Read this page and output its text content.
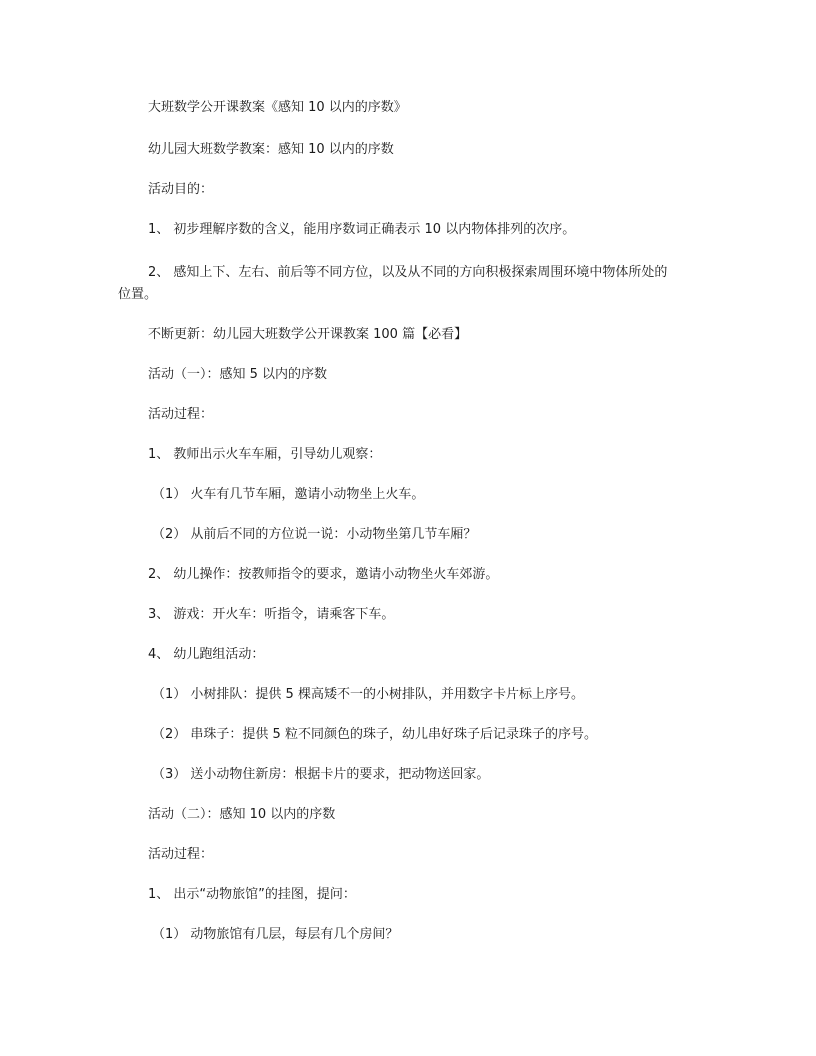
大班数学公开课教案《感知 10 以内的序数》
幼儿园大班数学教案：感知 10 以内的序数
活动目的：
1、 初步理解序数的含义，能用序数词正确表示 10 以内物体排列的次序。
2、 感知上下、左右、前后等不同方位，以及从不同的方向积极探索周围环境中物体所处的位置。
不断更新：幼儿园大班数学公开课教案 100 篇【必看】
活动（一）：感知 5 以内的序数
活动过程：
1、 教师出示火车车厢，引导幼儿观察：
（1） 火车有几节车厢，邀请小动物坐上火车。
（2） 从前后不同的方位说一说：小动物坐第几节车厢？
2、 幼儿操作：按教师指令的要求，邀请小动物坐火车郊游。
3、 游戏：开火车：听指令，请乘客下车。
4、 幼儿跑组活动：
（1） 小树排队：提供 5 棵高矮不一的小树排队，并用数字卡片标上序号。
（2） 串珠子：提供 5 粒不同颜色的珠子，幼儿串好珠子后记录珠子的序号。
（3） 送小动物住新房：根据卡片的要求，把动物送回家。
活动（二）：感知 10 以内的序数
活动过程：
1、 出示“动物旅馆”的挂图，提问：
（1） 动物旅馆有几层，每层有几个房间？
